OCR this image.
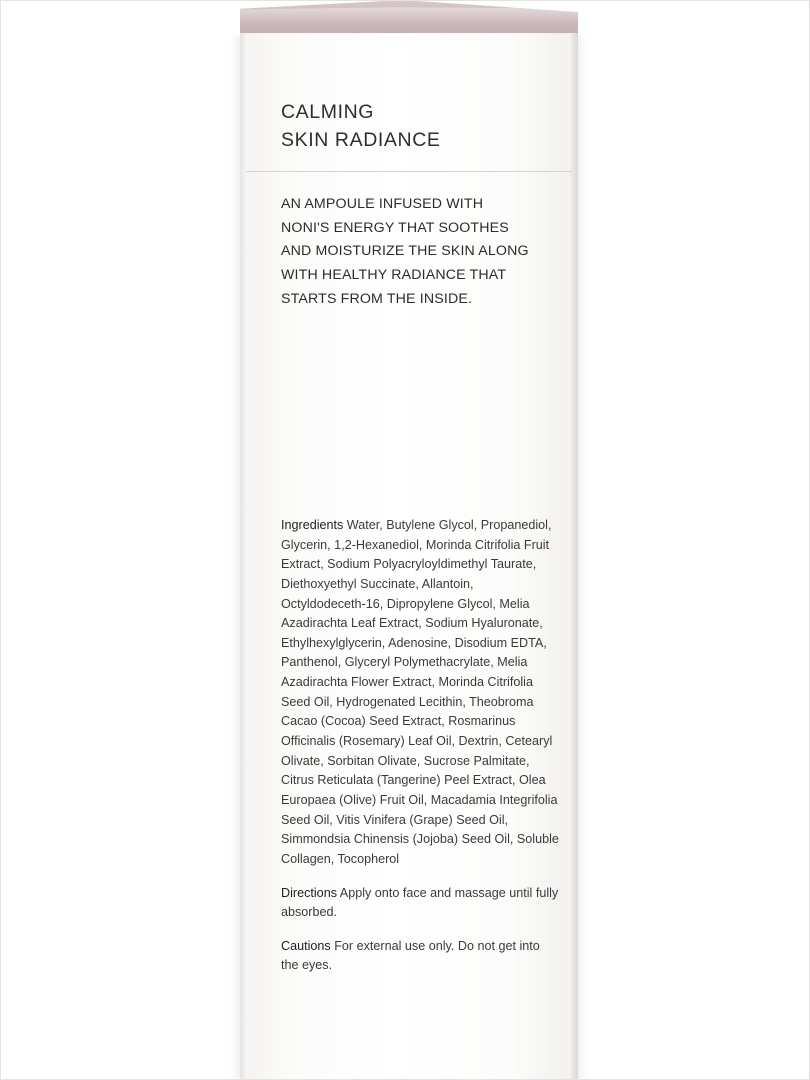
CALMING
SKIN RADIANCE
AN AMPOULE INFUSED WITH
NONI'S ENERGY THAT SOOTHES
AND MOISTURIZE THE SKIN ALONG
WITH HEALTHY RADIANCE THAT
STARTS FROM THE INSIDE.

Ingredients Water, Butylene Glycol, Propanediol, Glycerin, 1,2-Hexanediol, Morinda Citrifolia Fruit Extract, Sodium Polyacryloyldimethyl Taurate, Diethoxyethyl Succinate, Allantoin, Octyldodeceth-16, Dipropylene Glycol, Melia Azadirachta Leaf Extract, Sodium Hyaluronate, Ethylhexylglycerin, Adenosine, Disodium EDTA, Panthenol, Glyceryl Polymethacrylate, Melia Azadirachta Flower Extract, Morinda Citrifolia Seed Oil, Hydrogenated Lecithin, Theobroma Cacao (Cocoa) Seed Extract, Rosmarinus Officinalis (Rosemary) Leaf Oil, Dextrin, Cetearyl Olivate, Sorbitan Olivate, Sucrose Palmitate, Citrus Reticulata (Tangerine) Peel Extract, Olea Europaea (Olive) Fruit Oil, Macadamia Integrifolia Seed Oil, Vitis Vinifera (Grape) Seed Oil, Simmondsia Chinensis (Jojoba) Seed Oil, Soluble Collagen, Tocopherol

Directions Apply onto face and massage until fully absorbed.

Cautions For external use only. Do not get into the eyes.
